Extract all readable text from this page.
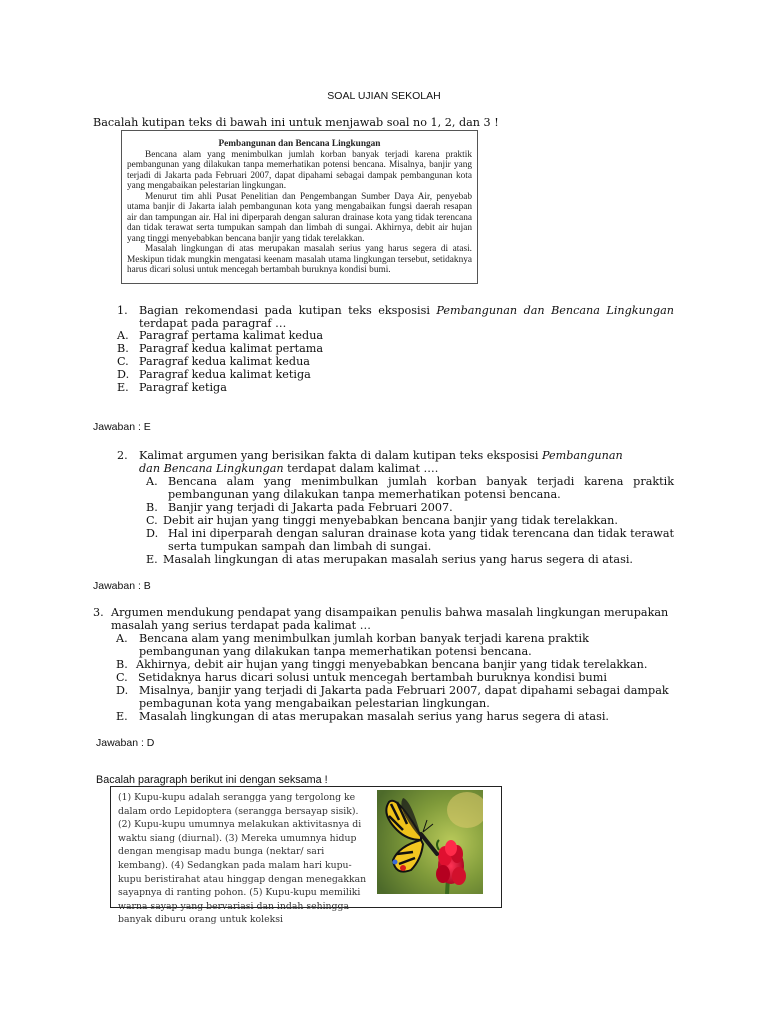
SOAL UJIAN SEKOLAH
Bacalah kutipan teks di bawah ini untuk menjawab soal no 1, 2, dan 3 !
Pembangunan dan Bencana Lingkungan

Bencana alam yang menimbulkan jumlah korban banyak terjadi karena praktik pembangunan yang dilakukan tanpa memerhatikan potensi bencana. Misalnya, banjir yang terjadi di Jakarta pada Februari 2007, dapat dipahami sebagai dampak pembangunan kota yang mengabaikan pelestarian lingkungan.

Menurut tim ahli Pusat Penelitian dan Pengembangan Sumber Daya Air, penyebab utama banjir di Jakarta ialah pembangunan kota yang mengabaikan fungsi daerah resapan air dan tampungan air. Hal ini diperparah dengan saluran drainase kota yang tidak terencana dan tidak terawat serta tumpukan sampah dan limbah di sungai. Akhirnya, debit air hujan yang tinggi menyebabkan bencana banjir yang tidak terelakkan.

Masalah lingkungan di atas merupakan masalah serius yang harus segera di atasi. Meskipun tidak mungkin mengatasi keenam masalah utama lingkungan tersebut, setidaknya harus dicari solusi untuk mencegah bertambah buruknya kondisi bumi.

1. Bagian rekomendasi pada kutipan teks eksposisi Pembangunan dan Bencana Lingkungan terdapat pada paragraf …
A. Paragraf pertama kalimat kedua
B. Paragraf kedua kalimat pertama
C. Paragraf kedua kalimat kedua
D. Paragraf kedua kalimat ketiga
E. Paragraf ketiga
Jawaban : E
2. Kalimat argumen yang berisikan fakta di dalam kutipan teks eksposisi Pembangunan dan Bencana Lingkungan terdapat dalam kalimat ….
A. Bencana alam yang menimbulkan jumlah korban banyak terjadi karena praktik pembangunan yang dilakukan tanpa memerhatikan potensi bencana.
B. Banjir yang terjadi di Jakarta pada Februari 2007.
C. Debit air hujan yang tinggi menyebabkan bencana banjir yang tidak terelakkan.
D. Hal ini diperparah dengan saluran drainase kota yang tidak terencana dan tidak terawat serta tumpukan sampah dan limbah di sungai.
E. Masalah lingkungan di atas merupakan masalah serius yang harus segera di atasi.
Jawaban : B
3. Argumen mendukung pendapat yang disampaikan penulis bahwa masalah lingkungan merupakan masalah yang serius terdapat pada kalimat …
A. Bencana alam yang menimbulkan jumlah korban banyak terjadi karena praktik pembangunan yang dilakukan tanpa memerhatikan potensi bencana.
B. Akhirnya, debit air hujan yang tinggi menyebabkan bencana banjir yang tidak terelakkan.
C. Setidaknya harus dicari solusi untuk mencegah bertambah buruknya kondisi bumi
D. Misalnya, banjir yang terjadi di Jakarta pada Februari 2007, dapat dipahami sebagai dampak pembagunan kota yang mengabaikan pelestarian lingkungan.
E. Masalah lingkungan di atas merupakan masalah serius yang harus segera di atasi.
Jawaban : D
Bacalah paragraph berikut ini dengan seksama !
(1) Kupu-kupu adalah serangga yang tergolong ke dalam ordo Lepidoptera (serangga bersayap sisik). (2) Kupu-kupu umumnya melakukan aktivitasnya di waktu siang (diurnal). (3) Mereka umumnya hidup dengan mengisap madu bunga (nektar/ sari kembang). (4) Sedangkan pada malam hari kupu-kupu beristirahat atau hinggap dengan menegakkan sayapnya di ranting pohon. (5) Kupu-kupu memiliki warna sayap yang bervariasi dan indah sehingga banyak diburu orang untuk koleksi
